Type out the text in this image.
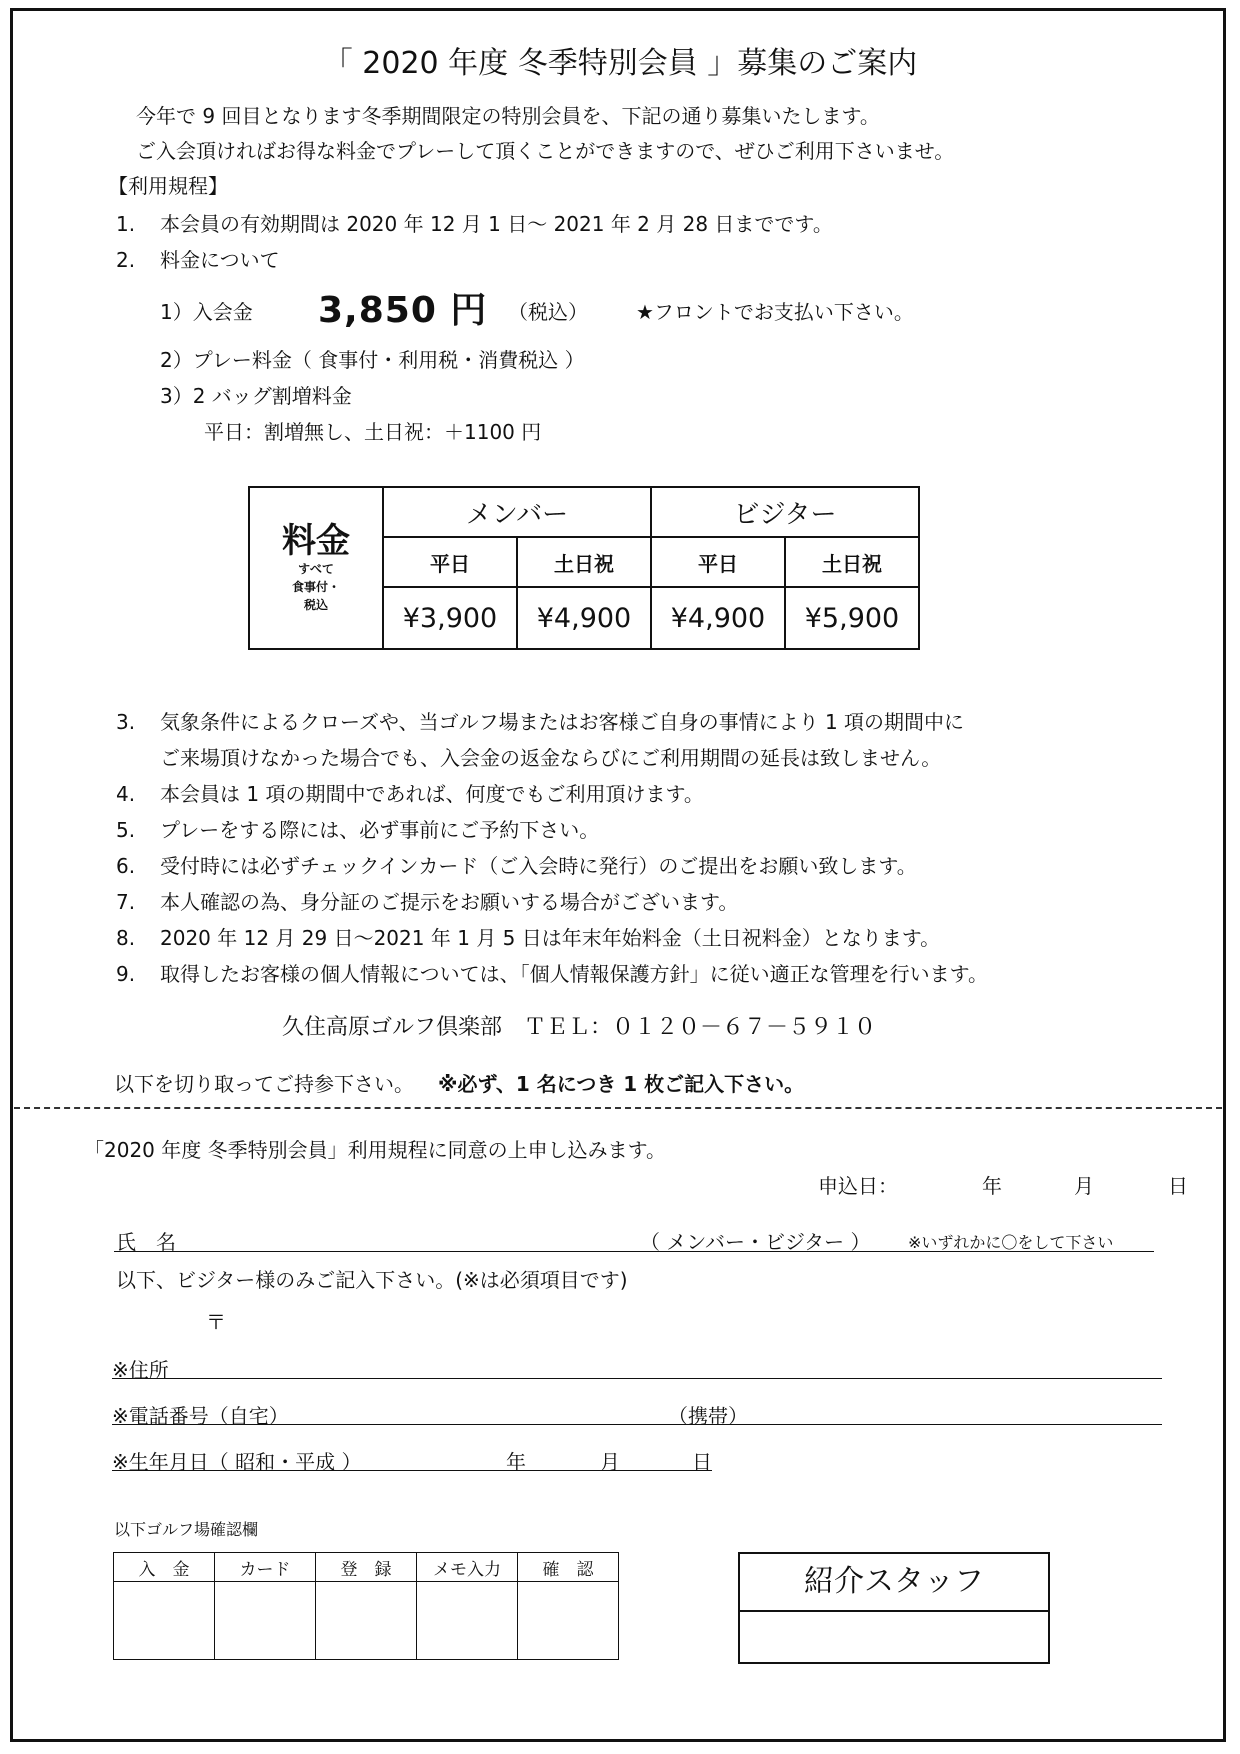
「 2020 年度 冬季特別会員 」募集のご案内
今年で 9 回目となります冬季期間限定の特別会員を、下記の通り募集いたします。
ご入会頂ければお得な料金でプレーして頂くことができますので、ぜひご利用下さいませ。
【利用規程】
1. 本会員の有効期間は 2020 年 12 月 1 日〜 2021 年 2 月 28 日までです。
2. 料金について
1）入会金 3,850 円 （税込） ★フロントでお支払い下さい。
2）プレー料金（ 食事付・利用税・消費税込 ）
3）2 バッグ割増料金
平日：割増無し、土日祝：＋1100 円
料金
すべて
食事付・
税込	メンバー		ビジター	
	平日	土日祝	平日	土日祝
	¥3,900	¥4,900	¥4,900	¥5,900
3. 気象条件によるクローズや、当ゴルフ場またはお客様ご自身の事情により 1 項の期間中に
ご来場頂けなかった場合でも、入会金の返金ならびにご利用期間の延長は致しません。
4. 本会員は 1 項の期間中であれば、何度でもご利用頂けます。
5. プレーをする際には、必ず事前にご予約下さい。
6. 受付時には必ずチェックインカード（ご入会時に発行）のご提出をお願い致します。
7. 本人確認の為、身分証のご提示をお願いする場合がございます。
8. 2020 年 12 月 29 日〜2021 年 1 月 5 日は年末年始料金（土日祝料金）となります。
9. 取得したお客様の個人情報については、「個人情報保護方針」に従い適正な管理を行います。
久住高原ゴルフ倶楽部　ＴＥＬ：０１２０－６７－５９１０
以下を切り取ってご持参下さい。 ※必ず、1 名につき 1 枚ご記入下さい。
「2020 年度 冬季特別会員」利用規程に同意の上申し込みます。
申込日：	年	月	日
氏　名	（ メンバー・ビジター ） ※いずれかに〇をして下さい
以下、ビジター様のみご記入下さい。(※は必須項目です)
〒
※住所
※電話番号（自宅）	（携帯）
※生年月日（ 昭和・平成 ）	年	月	日
以下ゴルフ場確認欄
入　金	カード	登　録	メモ入力	確　認
					紹介スタッフ
